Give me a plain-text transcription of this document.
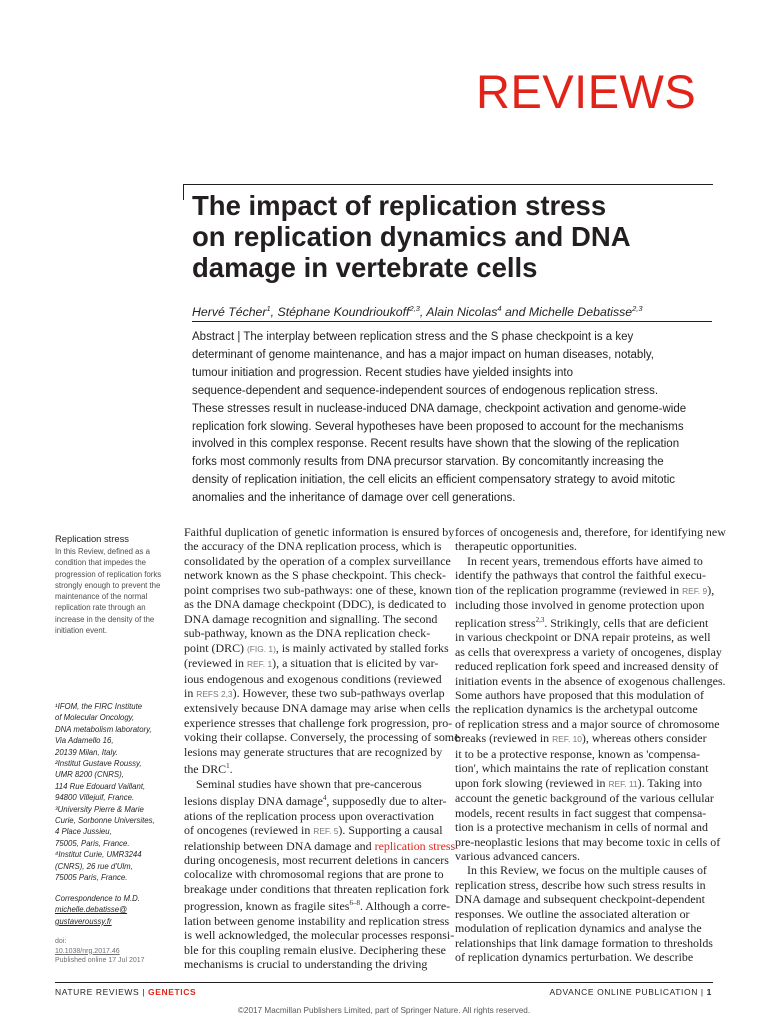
REVIEWS
The impact of replication stress
on replication dynamics and DNA
damage in vertebrate cells
Hervé Técher$^1$, Stéphane Koundrioukoff$^{2,3}$, Alain Nicolas$^4$ and Michelle Debatisse$^{2,3}$
Abstract | The interplay between replication stress and the S phase checkpoint is a key
determinant of genome maintenance, and has a major impact on human diseases, notably,
tumour initiation and progression. Recent studies have yielded insights into
sequence-dependent and sequence-independent sources of endogenous replication stress.
These stresses result in nuclease-induced DNA damage, checkpoint activation and genome-wide
replication fork slowing. Several hypotheses have been proposed to account for the mechanisms
involved in this complex response. Recent results have shown that the slowing of the replication
forks most commonly results from DNA precursor starvation. By concomitantly increasing the
density of replication initiation, the cell elicits an efficient compensatory strategy to avoid mitotic
anomalies and the inheritance of damage over cell generations.
Replication stress
In this Review, defined as a
condition that impedes the
progression of replication forks
strongly enough to prevent the
maintenance of the normal
replication rate through an
increase in the density of the
initiation event.
¹IFOM, the FIRC Institute
of Molecular Oncology,
DNA metabolism laboratory,
Via Adamello 16,
20139 Milan, Italy.
²Institut Gustave Roussy,
UMR 8200 (CNRS),
114 Rue Edouard Vaillant,
94800 Villejuif, France.
³University Pierre & Marie
Curie, Sorbonne Universites,
4 Place Jussieu,
75005, Paris, France.
⁴Institut Curie, UMR3244
(CNRS), 26 rue d'Ulm,
75005 Paris, France.
Correspondence to M.D.
michelle.debatisse@
gustaveroussy.fr
doi:
10.1038/nrg.2017.46
Published online 17 Jul 2017
Faithful duplication of genetic information is ensured by
the accuracy of the DNA replication process, which is
consolidated by the operation of a complex surveillance
network known as the S phase checkpoint. This check-
point comprises two sub-pathways: one of these, known
as the DNA damage checkpoint (DDC), is dedicated to
DNA damage recognition and signalling. The second
sub-pathway, known as the DNA replication check-
point (DRC) (FIG. 1), is mainly activated by stalled forks
(reviewed in REF. 1), a situation that is elicited by var-
ious endogenous and exogenous conditions (reviewed
in REFS 2,3). However, these two sub-pathways overlap
extensively because DNA damage may arise when cells
experience stresses that challenge fork progression, pro-
voking their collapse. Conversely, the processing of some
lesions may generate structures that are recognized by
the DRC$^1$.
Seminal studies have shown that pre-cancerous
lesions display DNA damage$^4$, supposedly due to alter-
ations of the replication process upon overactivation
of oncogenes (reviewed in REF. 5). Supporting a causal
relationship between DNA damage and replication stress
during oncogenesis, most recurrent deletions in cancers
colocalize with chromosomal regions that are prone to
breakage under conditions that threaten replication fork
progression, known as fragile sites$^{6-8}$. Although a corre-
lation between genome instability and replication stress
is well acknowledged, the molecular processes responsi-
ble for this coupling remain elusive. Deciphering these
mechanisms is crucial to understanding the driving
forces of oncogenesis and, therefore, for identifying new
therapeutic opportunities.
In recent years, tremendous efforts have aimed to
identify the pathways that control the faithful execu-
tion of the replication programme (reviewed in REF. 9),
including those involved in genome protection upon
replication stress$^{2,3}$. Strikingly, cells that are deficient
in various checkpoint or DNA repair proteins, as well
as cells that overexpress a variety of oncogenes, display
reduced replication fork speed and increased density of
initiation events in the absence of exogenous challenges.
Some authors have proposed that this modulation of
the replication dynamics is the archetypal outcome
of replication stress and a major source of chromosome
breaks (reviewed in REF. 10), whereas others consider
it to be a protective response, known as 'compensa-
tion', which maintains the rate of replication constant
upon fork slowing (reviewed in REF. 11). Taking into
account the genetic background of the various cellular
models, recent results in fact suggest that compensa-
tion is a protective mechanism in cells of normal and
pre-neoplastic lesions that may become toxic in cells of
various advanced cancers.
In this Review, we focus on the multiple causes of
replication stress, describe how such stress results in
DNA damage and subsequent checkpoint-dependent
responses. We outline the associated alteration or
modulation of replication dynamics and analyse the
relationships that link damage formation to thresholds
of replication dynamics perturbation. We describe
NATURE REVIEWS | GENETICS	ADVANCE ONLINE PUBLICATION | 1
©2017 Macmillan Publishers Limited, part of Springer Nature. All rights reserved.
